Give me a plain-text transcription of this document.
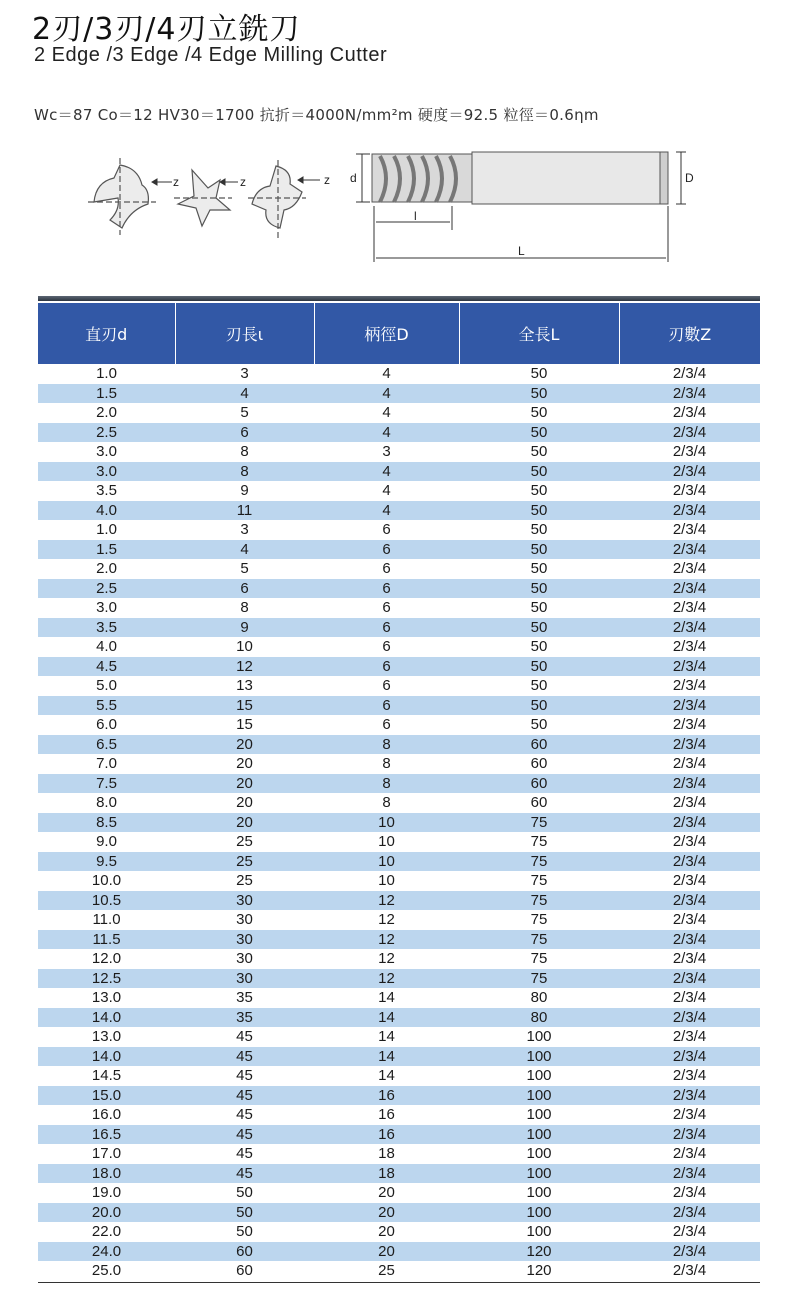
2刃/3刃/4刃立銑刀
2 Edge /3 Edge /4 Edge Milling Cutter
Wc＝87 Co＝12 HV30＝1700 抗折＝4000N/mm²m 硬度＝92.5 粒徑＝0.6ηm
z	z	z d	D
l
L
直刃d	刃長ι	柄徑D	全長L	刃數Z
1.0	3	4	50	2/3/4
1.5	4	4	50	2/3/4
2.0	5	4	50	2/3/4
2.5	6	4	50	2/3/4
3.0	8	3	50	2/3/4
3.0	8	4	50	2/3/4
3.5	9	4	50	2/3/4
4.0	11	4	50	2/3/4
1.0	3	6	50	2/3/4
1.5	4	6	50	2/3/4
2.0	5	6	50	2/3/4
2.5	6	6	50	2/3/4
3.0	8	6	50	2/3/4
3.5	9	6	50	2/3/4
4.0	10	6	50	2/3/4
4.5	12	6	50	2/3/4
5.0	13	6	50	2/3/4
5.5	15	6	50	2/3/4
6.0	15	6	50	2/3/4
6.5	20	8	60	2/3/4
7.0	20	8	60	2/3/4
7.5	20	8	60	2/3/4
8.0	20	8	60	2/3/4
8.5	20	10	75	2/3/4
9.0	25	10	75	2/3/4
9.5	25	10	75	2/3/4
10.0	25	10	75	2/3/4
10.5	30	12	75	2/3/4
11.0	30	12	75	2/3/4
11.5	30	12	75	2/3/4
12.0	30	12	75	2/3/4
12.5	30	12	75	2/3/4
13.0	35	14	80	2/3/4
14.0	35	14	80	2/3/4
13.0	45	14	100	2/3/4
14.0	45	14	100	2/3/4
14.5	45	14	100	2/3/4
15.0	45	16	100	2/3/4
16.0	45	16	100	2/3/4
16.5	45	16	100	2/3/4
17.0	45	18	100	2/3/4
18.0	45	18	100	2/3/4
19.0	50	20	100	2/3/4
20.0	50	20	100	2/3/4
22.0	50	20	100	2/3/4
24.0	60	20	120	2/3/4
25.0	60	25	120	2/3/4
